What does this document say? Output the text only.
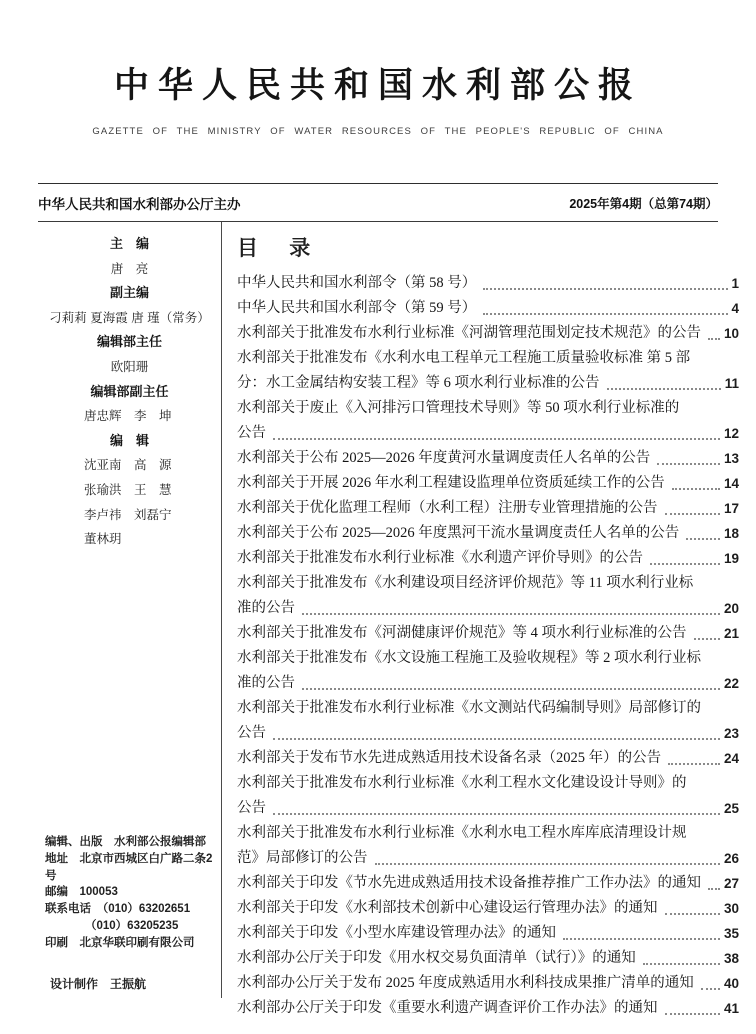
中华人民共和国水利部公报
GAZETTE OF THE MINISTRY OF WATER RESOURCES OF THE PEOPLE'S REPUBLIC OF CHINA
中华人民共和国水利部办公厅主办	2025年第4期（总第74期）
主　编
唐　亮
副主编
刁莉莉 夏海霞 唐 瑾（常务）
编辑部主任
欧阳珊
编辑部副主任
唐忠辉　李　坤
编　辑
沈亚南　高　源
张瑜洪　王　慧
李卢祎　刘磊宁
董林玥
编辑、出版　水利部公报编辑部
地址　北京市西城区白广路二条2号
邮编　100053
联系电话　（010）63202651
（010）63205235
印刷　北京华联印刷有限公司
设计制作　王振航
目 录
中华人民共和国水利部令（第 58 号）	1
中华人民共和国水利部令（第 59 号）	4
水利部关于批准发布水利行业标准《河湖管理范围划定技术规范》的公告 10
水利部关于批准发布《水利水电工程单元工程施工质量验收标准 第 5 部
分：水工金属结构安装工程》等 6 项水利行业标准的公告	11
水利部关于废止《入河排污口管理技术导则》等 50 项水利行业标准的
公告	12
水利部关于公布 2025—2026 年度黄河水量调度责任人名单的公告	13
水利部关于开展 2026 年水利工程建设监理单位资质延续工作的公告	14
水利部关于优化监理工程师（水利工程）注册专业管理措施的公告	17
水利部关于公布 2025—2026 年度黑河干流水量调度责任人名单的公告	18
水利部关于批准发布水利行业标准《水利遗产评价导则》的公告	19
水利部关于批准发布《水利建设项目经济评价规范》等 11 项水利行业标
准的公告	20
水利部关于批准发布《河湖健康评价规范》等 4 项水利行业标准的公告	21
水利部关于批准发布《水文设施工程施工及验收规程》等 2 项水利行业标
准的公告	22
水利部关于批准发布水利行业标准《水文测站代码编制导则》局部修订的
公告	23
水利部关于发布节水先进成熟适用技术设备名录（2025 年）的公告	24
水利部关于批准发布水利行业标准《水利工程水文化建设设计导则》的
公告	25
水利部关于批准发布水利行业标准《水利水电工程水库库底清理设计规
范》局部修订的公告	26
水利部关于印发《节水先进成熟适用技术设备推荐推广工作办法》的通知 27
水利部关于印发《水利部技术创新中心建设运行管理办法》的通知	30
水利部关于印发《小型水库建设管理办法》的通知	35
水利部办公厅关于印发《用水权交易负面清单（试行）》的通知	38
水利部办公厅关于发布 2025 年度成熟适用水利科技成果推广清单的通知 40
水利部办公厅关于印发《重要水利遗产调查评价工作办法》的通知	41
